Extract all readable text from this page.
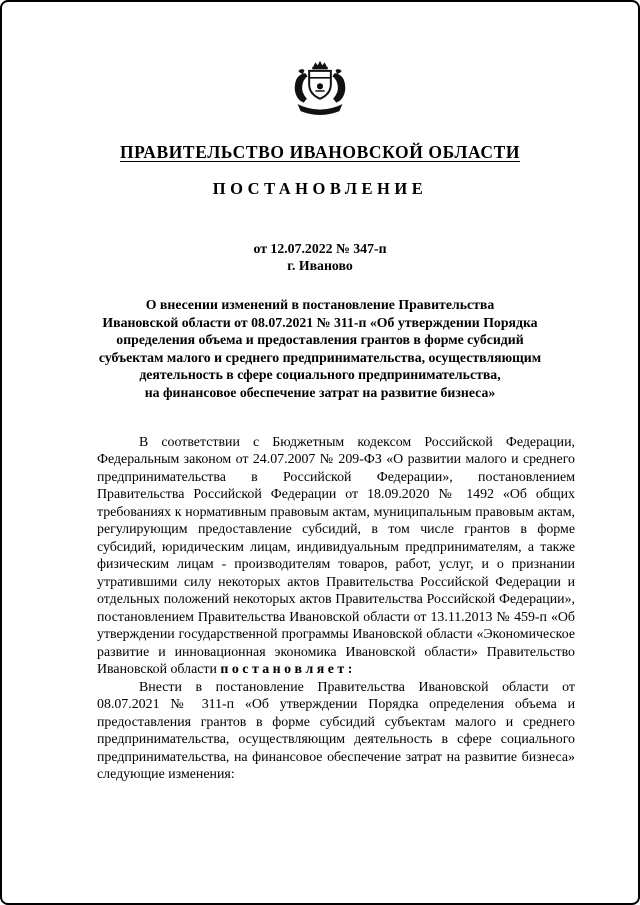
ПРАВИТЕЛЬСТВО ИВАНОВСКОЙ ОБЛАСТИ
ПОСТАНОВЛЕНИЕ
от 12.07.2022 № 347-п
г. Иваново
О внесении изменений в постановление Правительства
Ивановской области от 08.07.2021 № 311-п «Об утверждении Порядка
определения объема и предоставления грантов в форме субсидий
субъектам малого и среднего предпринимательства, осуществляющим
деятельность в сфере социального предпринимательства,
на финансовое обеспечение затрат на развитие бизнеса»

В соответствии с Бюджетным кодексом Российской Федерации, Федеральным законом от 24.07.2007 № 209-ФЗ «О развитии малого и среднего предпринимательства в Российской Федерации», постановлением Правительства Российской Федерации от 18.09.2020 № 1492 «Об общих требованиях к нормативным правовым актам, муниципальным правовым актам, регулирующим предоставление субсидий, в том числе грантов в форме субсидий, юридическим лицам, индивидуальным предпринимателям, а также физическим лицам - производителям товаров, работ, услуг, и о признании утратившими силу некоторых актов Правительства Российской Федерации и отдельных положений некоторых актов Правительства Российской Федерации», постановлением Правительства Ивановской области от 13.11.2013 № 459-п «Об утверждении государственной программы Ивановской области «Экономическое развитие и инновационная экономика Ивановской области» Правительство Ивановской области п о с т а н о в л я е т :

Внести в постановление Правительства Ивановской области от 08.07.2021 № 311-п «Об утверждении Порядка определения объема и предоставления грантов в форме субсидий субъектам малого и среднего предпринимательства, осуществляющим деятельность в сфере социального предпринимательства, на финансовое обеспечение затрат на развитие бизнеса» следующие изменения:
